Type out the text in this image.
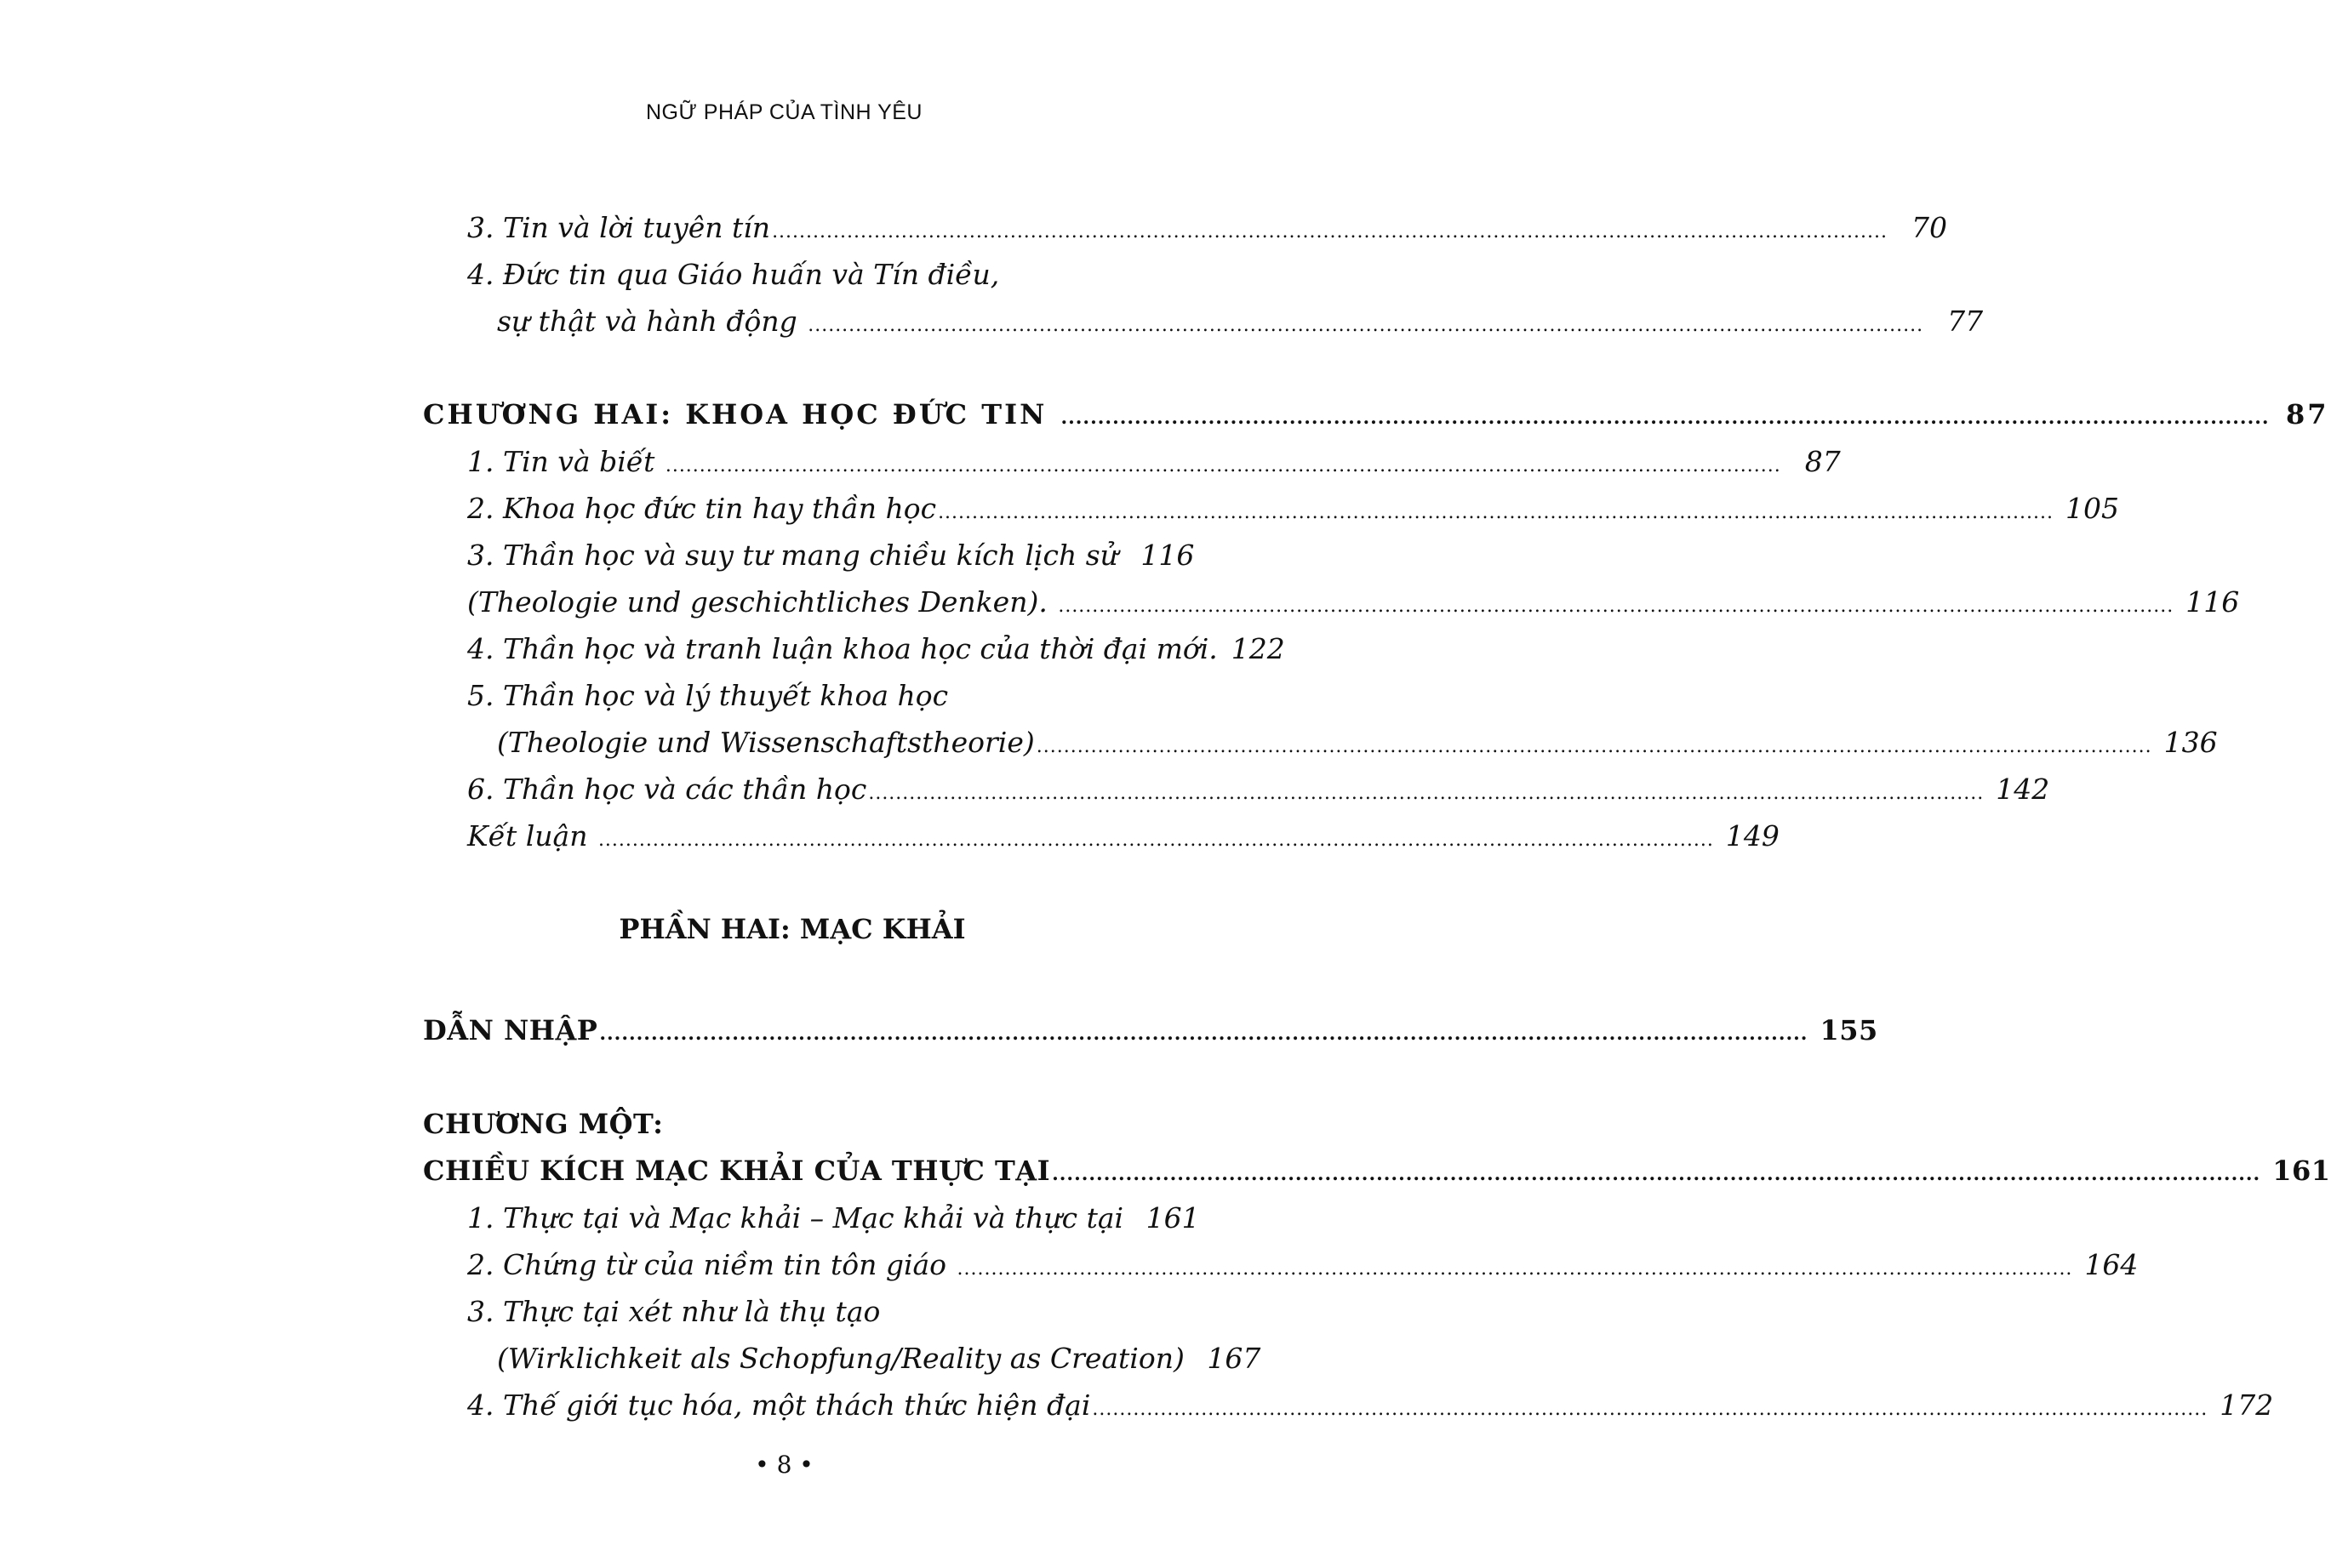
NGỮ PHÁP CỦA TÌNH YÊU
3. Tin và lời tuyên tín .................................................................................................................................................................... 70
4. Đức tin qua Giáo huấn và Tín điều,
sự thật và hành động .................................................................................................................................................................... 77
CHƯƠNG HAI: KHOA HỌC ĐỨC TIN .................................................................................................................................................................... 87
1. Tin và biết .................................................................................................................................................................... 87
2. Khoa học đức tin hay thần học .................................................................................................................................................................... 105
3. Thần học và suy tư mang chiều kích lịch sử 116
(Theologie und geschichtliches Denken). .................................................................................................................................................................... 116
4. Thần học và tranh luận khoa học của thời đại mới. 122
5. Thần học và lý thuyết khoa học
(Theologie und Wissenschaftstheorie) .................................................................................................................................................................... 136
6. Thần học và các thần học .................................................................................................................................................................... 142
Kết luận .................................................................................................................................................................... 149
PHẦN HAI: MẠC KHẢI
DẪN NHẬP .................................................................................................................................................................... 155
CHƯƠNG MỘT:
CHIỀU KÍCH MẠC KHẢI CỦA THỰC TẠI .................................................................................................................................................................... 161
1. Thực tại và Mạc khải – Mạc khải và thực tại 161
2. Chứng từ của niềm tin tôn giáo .................................................................................................................................................................... 164
3. Thực tại xét như là thụ tạo
(Wirklichkeit als Schopfung/Reality as Creation) 167
4. Thế giới tục hóa, một thách thức hiện đại .................................................................................................................................................................... 172
• 8 •
